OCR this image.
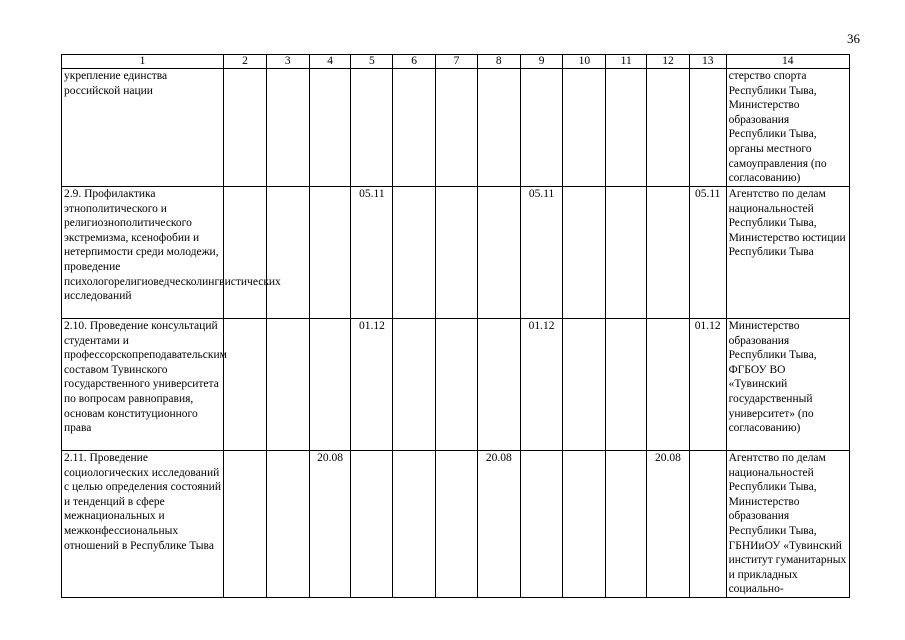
36
1	2	3	4	5	6	7	8	9	10	11	12	13	14
укрепление единства российской нации													стерство спорта Республики Тыва, Министерство образования Республики Тыва, органы местного самоуправления (по согласованию)
2.9. Профилактика этнополитического и религиознополитического экстремизма, ксенофобии и нетерпимости среди молодежи, проведение психологорелигиоведческолингвистических исследований				05.11				05.11				05.11	Агентство по делам национальностей Республики Тыва, Министерство юстиции Республики Тыва
2.10. Проведение консультаций студентами и профессорскопреподавательским составом Тувинского государственного университета по вопросам равноправия, основам конституционного права				01.12				01.12				01.12	Министерство образования Республики Тыва, ФГБОУ ВО «Тувинский государственный университет» (по согласованию)
2.11. Проведение социологических исследований с целью определения состояний и тенденций в сфере межнациональных и межконфессиональных отношений в Республике Тыва			20.08				20.08				20.08		Агентство по делам национальностей Республики Тыва, Министерство образования Республики Тыва, ГБНИиОУ «Тувинский институт гуманитарных и прикладных социально-
